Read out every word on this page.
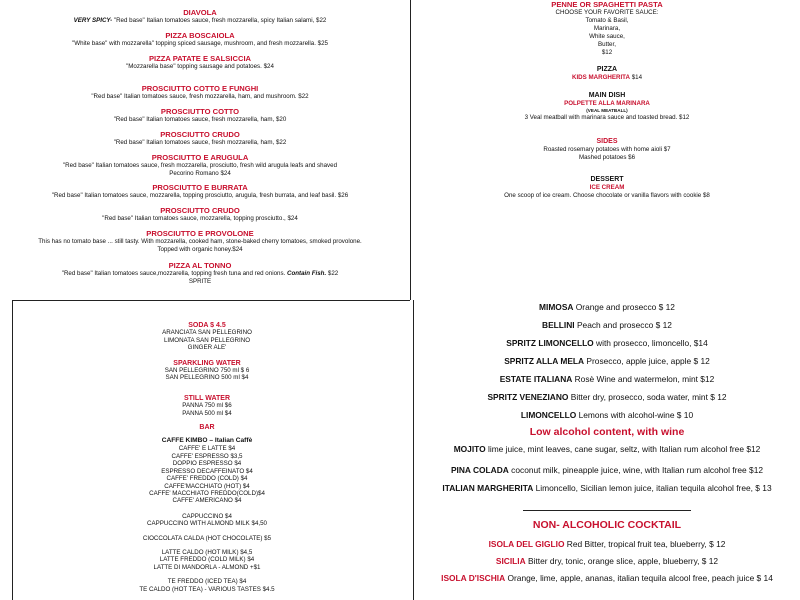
DIAVOLA
VERY SPICY- "Red base" Italian tomatoes sauce, fresh mozzarella, spicy Italian salami, $22
PIZZA BOSCAIOLA
"White base" with mozzarella" topping spiced sausage, mushroom, and fresh mozzarella. $25
PIZZA PATATE E SALSICCIA
"Mozzarella base" topping sausage and potatoes. $24
PROSCIUTTO COTTO E FUNGHI
"Red base" Italian tomatoes sauce, fresh mozzarella, ham, and mushroom. $22
PROSCIUTTO COTTO
"Red base" Italian tomatoes sauce, fresh mozzarella, ham, $20
PROSCIUTTO CRUDO
"Red base" Italian tomatoes sauce, fresh mozzarella, ham, $22
PROSCIUTTO E ARUGULA
"Red base" Italian tomatoes sauce, fresh mozzarella, prosciutto, fresh wild arugula leafs and shaved
Pecorino Romano $24
PROSCIUTTO E BURRATA
"Red base" Italian tomatoes sauce, mozzarella, topping prosciutto, arugula, fresh burrata, and leaf basil. $26
PROSCIUTTO CRUDO
"Red base" Italian tomatoes sauce, mozzarella, topping prosciutto., $24
PROSCIUTTO E PROVOLONE
This has no tomato base ... still tasty. With mozzarella, cooked ham, stone-baked cherry tomatoes, smoked provolone.
Topped with organic honey.$24
PIZZA AL TONNO
"Red base" Italian tomatoes sauce,mozzarella, topping fresh tuna and red onions. Contain Fish. $22
SPRITE
PENNE OR SPAGHETTI PASTA
CHOOSE YOUR FAVORITE SAUCE:
Tomato & Basil,
Marinara,
White sauce,
Butter,
$12
PIZZA
KIDS MARGHERITA $14
MAIN DISH
POLPETTE ALLA MARINARA
(VEAL MEATBALL)
3 Veal meatball with marinara sauce and toasted bread. $12
SIDES
Roasted rosemary potatoes with home aioli $7
Mashed potatoes $6
DESSERT
ICE CREAM
One scoop of ice cream. Choose chocolate or vanilla flavors with cookie $8
SODA $ 4.5
ARANCIATA SAN PELLEGRINO
LIMONATA SAN PELLEGRINO
GINGER ALE'
SPARKLING WATER
SAN PELLEGRINO 750 ml $ 6
SAN PELLEGRINO 500 ml $4
STILL WATER
PANNA 750 ml $6
PANNA 500 ml $4
BAR
CAFFE KIMBO – Italian Caffè
CAFFE' E LATTE $4
CAFFE' ESPRESSO $3,5
DOPPIO ESPRESSO $4
ESPRESSO DECAFFEINATO $4
CAFFE' FREDDO (COLD) $4
CAFFE'MACCHIATO (HOT) $4
CAFFE' MACCHIATO FREDDO(COLD)$4
CAFFE' AMERICANO $4
CAPPUCCINO $4
CAPPUCCINO WITH ALMOND MILK $4,50
CIOCCOLATA CALDA (HOT CHOCOLATE) $5
LATTE CALDO (HOT MILK) $4,5
LATTE FREDDO (COLD MILK) $4
LATTE DI MANDORLA - ALMOND +$1
TE FREDDO (ICED TEA) $4
TE CALDO (HOT TEA) - VARIOUS TASTES $4.5
MIMOSA Orange and prosecco $ 12
BELLINI Peach and prosecco $ 12
SPRITZ LIMONCELLO with prosecco, limoncello, $14
SPRITZ ALLA MELA Prosecco, apple juice, apple $ 12
ESTATE ITALIANA Rosè Wine and watermelon, mint $12
SPRITZ VENEZIANO Bitter dry, prosecco, soda water, mint $ 12
LIMONCELLO Lemons with alcohol-wine $ 10
Low alcohol content, with wine
MOJITO lime juice, mint leaves, cane sugar, seltz, with Italian rum alcohol free $12
PINA COLADA coconut milk, pineapple juice, wine, with Italian rum alcohol free $12
ITALIAN MARGHERITA Limoncello, Sicilian lemon juice, italian tequila alcohol free, $ 13
NON- ALCOHOLIC COCKTAIL
ISOLA DEL GIGLIO Red Bitter, tropical fruit tea, blueberry, $ 12
SICILIA Bitter dry, tonic, orange slice, apple, blueberry, $ 12
ISOLA D'ISCHIA Orange, lime, apple, ananas, italian tequila alcool free, peach juice $ 14
